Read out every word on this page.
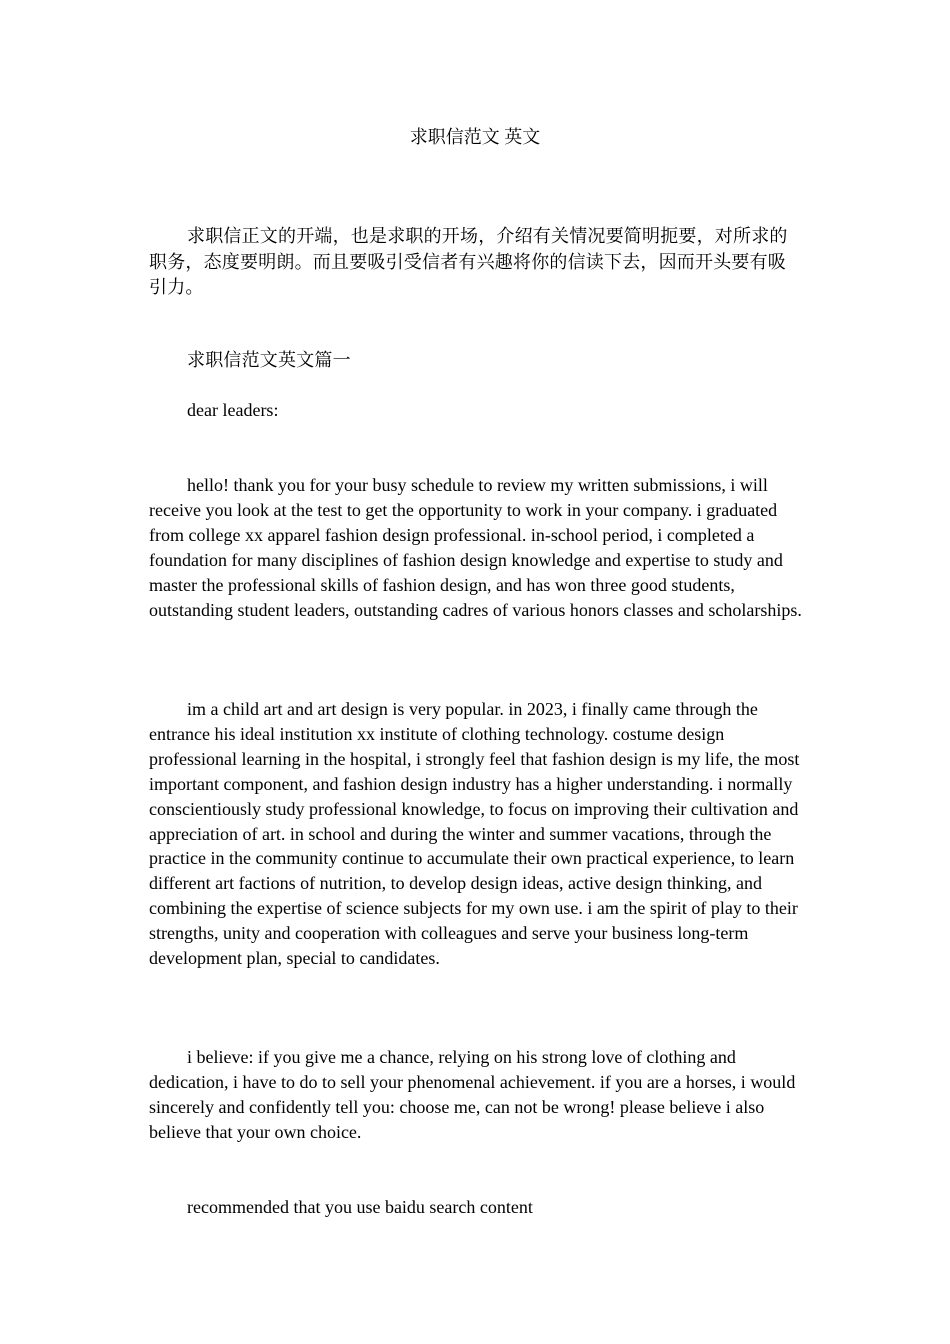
求职信范文 英文

求职信正文的开端，也是求职的开场，介绍有关情况要简明扼要，对所求的职务，态度要明朗。而且要吸引受信者有兴趣将你的信读下去，因而开头要有吸引力。

求职信范文英文篇一

dear leaders:

hello! thank you for your busy schedule to review my written submissions, i will receive you look at the test to get the opportunity to work in your company. i graduated from college xx apparel fashion design professional. in-school period, i completed a foundation for many disciplines of fashion design knowledge and expertise to study and master the professional skills of fashion design, and has won three good students, outstanding student leaders, outstanding cadres of various honors classes and scholarships.

im a child art and art design is very popular. in 2023, i finally came through the entrance his ideal institution xx institute of clothing technology. costume design professional learning in the hospital, i strongly feel that fashion design is my life, the most important component, and fashion design industry has a higher understanding. i normally conscientiously study professional knowledge, to focus on improving their cultivation and appreciation of art. in school and during the winter and summer vacations, through the practice in the community continue to accumulate their own practical experience, to learn different art factions of nutrition, to develop design ideas, active design thinking, and combining the expertise of science subjects for my own use. i am the spirit of play to their strengths, unity and cooperation with colleagues and serve your business long-term development plan, special to candidates.

i believe: if you give me a chance, relying on his strong love of clothing and dedication, i have to do to sell your phenomenal achievement. if you are a horses, i would sincerely and confidently tell you: choose me, can not be wrong! please believe i also believe that your own choice.

recommended that you use baidu search content
